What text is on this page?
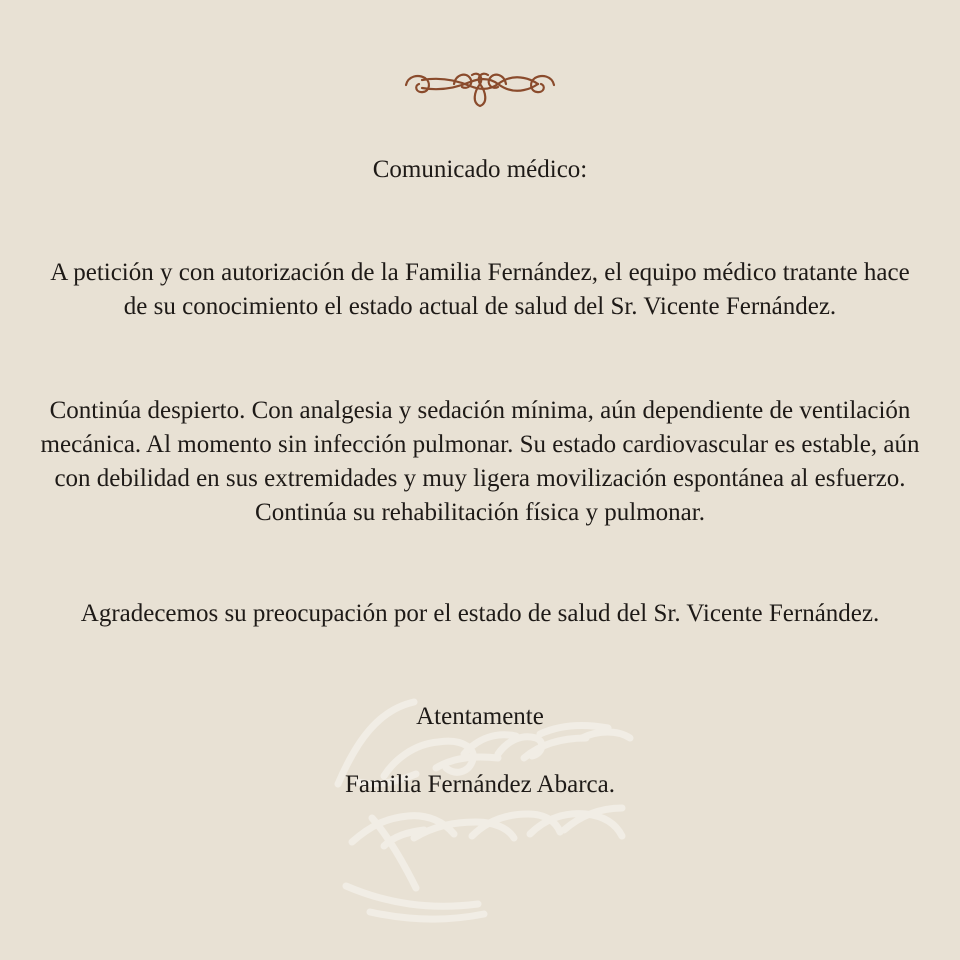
Comunicado médico:

A petición y con autorización de la Familia Fernández, el equipo médico tratante hace de su conocimiento el estado actual de salud del Sr. Vicente Fernández.

Continúa despierto. Con analgesia y sedación mínima, aún dependiente de ventilación mecánica. Al momento sin infección pulmonar. Su estado cardiovascular es estable, aún con debilidad en sus extremidades y muy ligera movilización espontánea al esfuerzo. Continúa su rehabilitación física y pulmonar.

Agradecemos su preocupación por el estado de salud del Sr. Vicente Fernández.

Atentamente

Familia Fernández Abarca.
